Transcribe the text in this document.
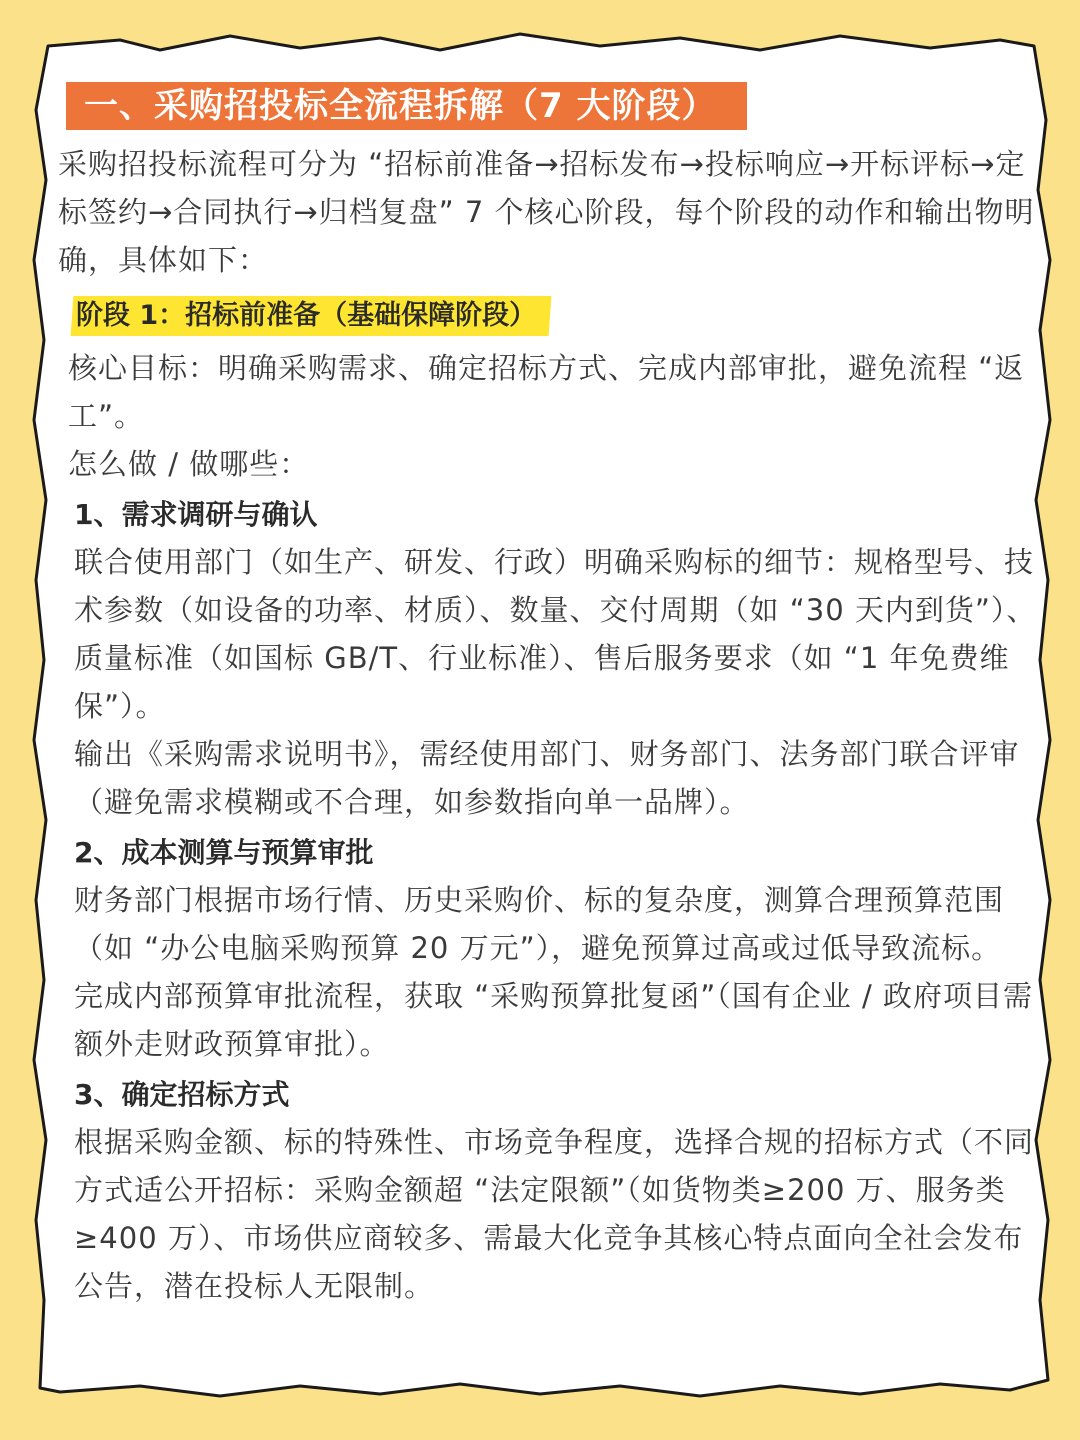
一、采购招投标全流程拆解（7 大阶段）
采购招投标流程可分为 “招标前准备→招标发布→投标响应→开标评标→定标签约→合同执行→归档复盘” 7 个核心阶段，每个阶段的动作和输出物明确，具体如下：
阶段 1：招标前准备（基础保障阶段）
核心目标：明确采购需求、确定招标方式、完成内部审批，避免流程 “返工”。
怎么做 / 做哪些：
1、需求调研与确认
联合使用部门（如生产、研发、行政）明确采购标的细节：规格型号、技术参数（如设备的功率、材质）、数量、交付周期（如 “30 天内到货”）、质量标准（如国标 GB/T、行业标准）、售后服务要求（如 “1 年免费维保”）。
输出《采购需求说明书》，需经使用部门、财务部门、法务部门联合评审（避免需求模糊或不合理，如参数指向单一品牌）。
2、成本测算与预算审批
财务部门根据市场行情、历史采购价、标的复杂度，测算合理预算范围（如 “办公电脑采购预算 20 万元”），避免预算过高或过低导致流标。
完成内部预算审批流程，获取 “采购预算批复函”（国有企业 / 政府项目需额外走财政预算审批）。
3、确定招标方式
根据采购金额、标的特殊性、市场竞争程度，选择合规的招标方式（不同方式适公开招标：采购金额超 “法定限额”（如货物类≥200 万、服务类≥400 万）、市场供应商较多、需最大化竞争其核心特点面向全社会发布公告，潜在投标人无限制。
